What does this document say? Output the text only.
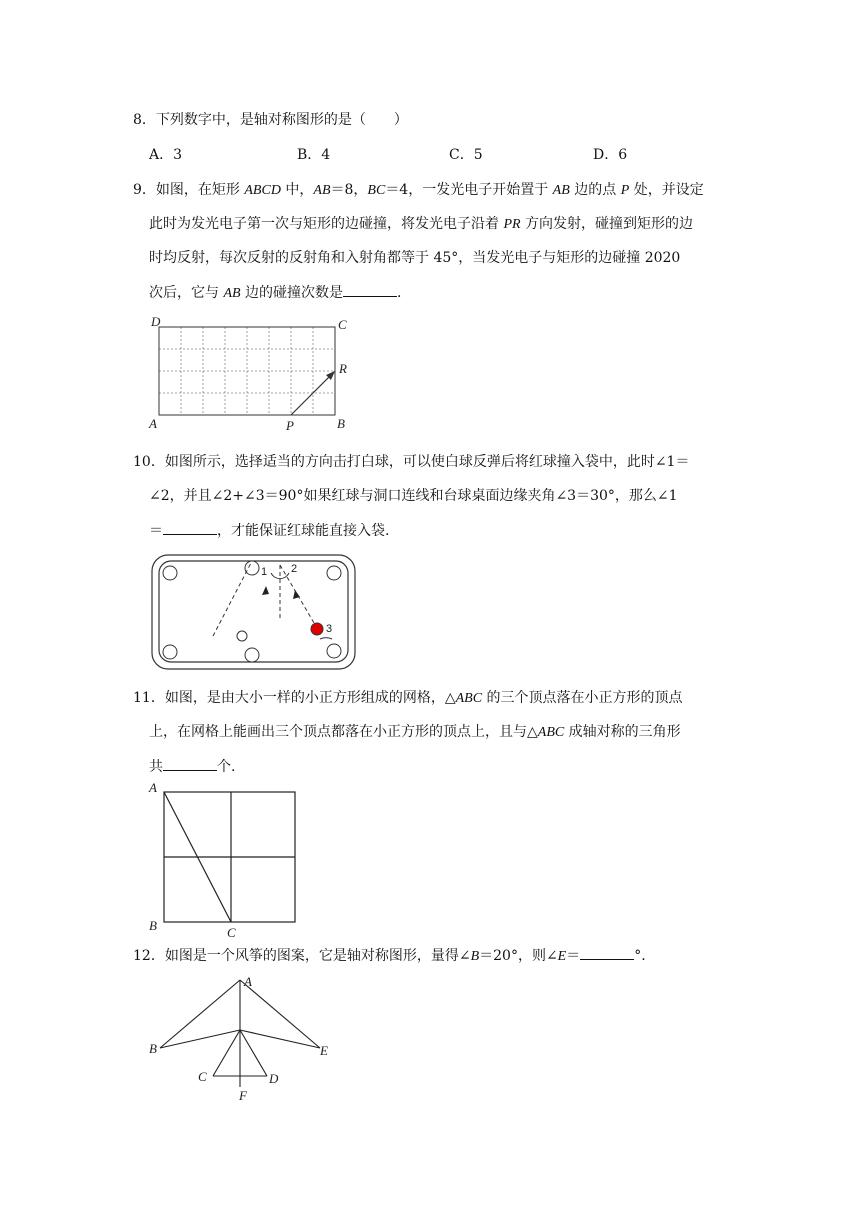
8．下列数字中，是轴对称图形的是（　　）
A．3	B．4	C．5	D．6
9．如图，在矩形 ABCD 中，AB＝8，BC＝4，一发光电子开始置于 AB 边的点 P 处，并设定
此时为发光电子第一次与矩形的边碰撞，将发光电子沿着 PR 方向发射，碰撞到矩形的边
时均反射，每次反射的反射角和入射角都等于 45°，当发光电子与矩形的边碰撞 2020
次后，它与 AB 边的碰撞次数是	.
D	C
R
A	P	B
10．如图所示，选择适当的方向击打白球，可以使白球反弹后将红球撞入袋中，此时∠1＝
∠2，并且∠2+∠3＝90°如果红球与洞口连线和台球桌面边缘夹角∠3＝30°，那么∠1
＝	，才能保证红球能直接入袋.
1 2
3
11．如图，是由大小一样的小正方形组成的网格，△ABC 的三个顶点落在小正方形的顶点
上，在网格上能画出三个顶点都落在小正方形的顶点上，且与△ABC 成轴对称的三角形
共	个.
A
B	C
12．如图是一个风筝的图案，它是轴对称图形，量得∠B＝20°，则∠E＝	°.
A
B	E
C	D
F
